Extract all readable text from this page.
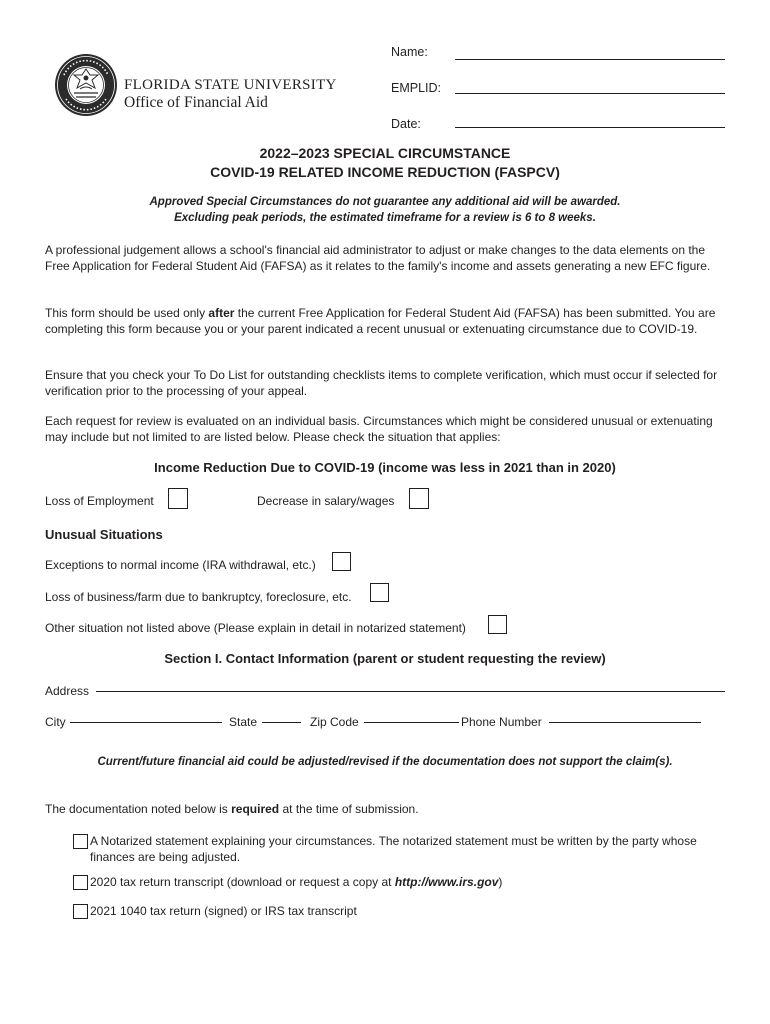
FLORIDA STATE UNIVERSITY
Office of Financial Aid
Name:
EMPLID:
Date:
2022–2023 SPECIAL CIRCUMSTANCE
COVID-19 RELATED INCOME REDUCTION (FASPCV)
Approved Special Circumstances do not guarantee any additional aid will be awarded.
Excluding peak periods, the estimated timeframe for a review is 6 to 8 weeks.
A professional judgement allows a school's financial aid administrator to adjust or make changes to the data elements on the Free Application for Federal Student Aid (FAFSA) as it relates to the family's income and assets generating a new EFC figure.
This form should be used only after the current Free Application for Federal Student Aid (FAFSA) has been submitted. You are completing this form because you or your parent indicated a recent unusual or extenuating circumstance due to COVID-19.
Ensure that you check your To Do List for outstanding checklists items to complete verification, which must occur if selected for verification prior to the processing of your appeal.
Each request for review is evaluated on an individual basis. Circumstances which might be considered unusual or extenuating may include but not limited to are listed below. Please check the situation that applies:
Income Reduction Due to COVID-19 (income was less in 2021 than in 2020)
Loss of Employment	Decrease in salary/wages
Unusual Situations
Exceptions to normal income (IRA withdrawal, etc.)
Loss of business/farm due to bankruptcy, foreclosure, etc.
Other situation not listed above (Please explain in detail in notarized statement)
Section I. Contact Information (parent or student requesting the review)
Address
City	State	Zip Code	Phone Number
Current/future financial aid could be adjusted/revised if the documentation does not support the claim(s).
The documentation noted below is required at the time of submission.
A Notarized statement explaining your circumstances. The notarized statement must be written by the party whose finances are being adjusted.
2020 tax return transcript (download or request a copy at http://www.irs.gov)
2021 1040 tax return (signed) or IRS tax transcript
